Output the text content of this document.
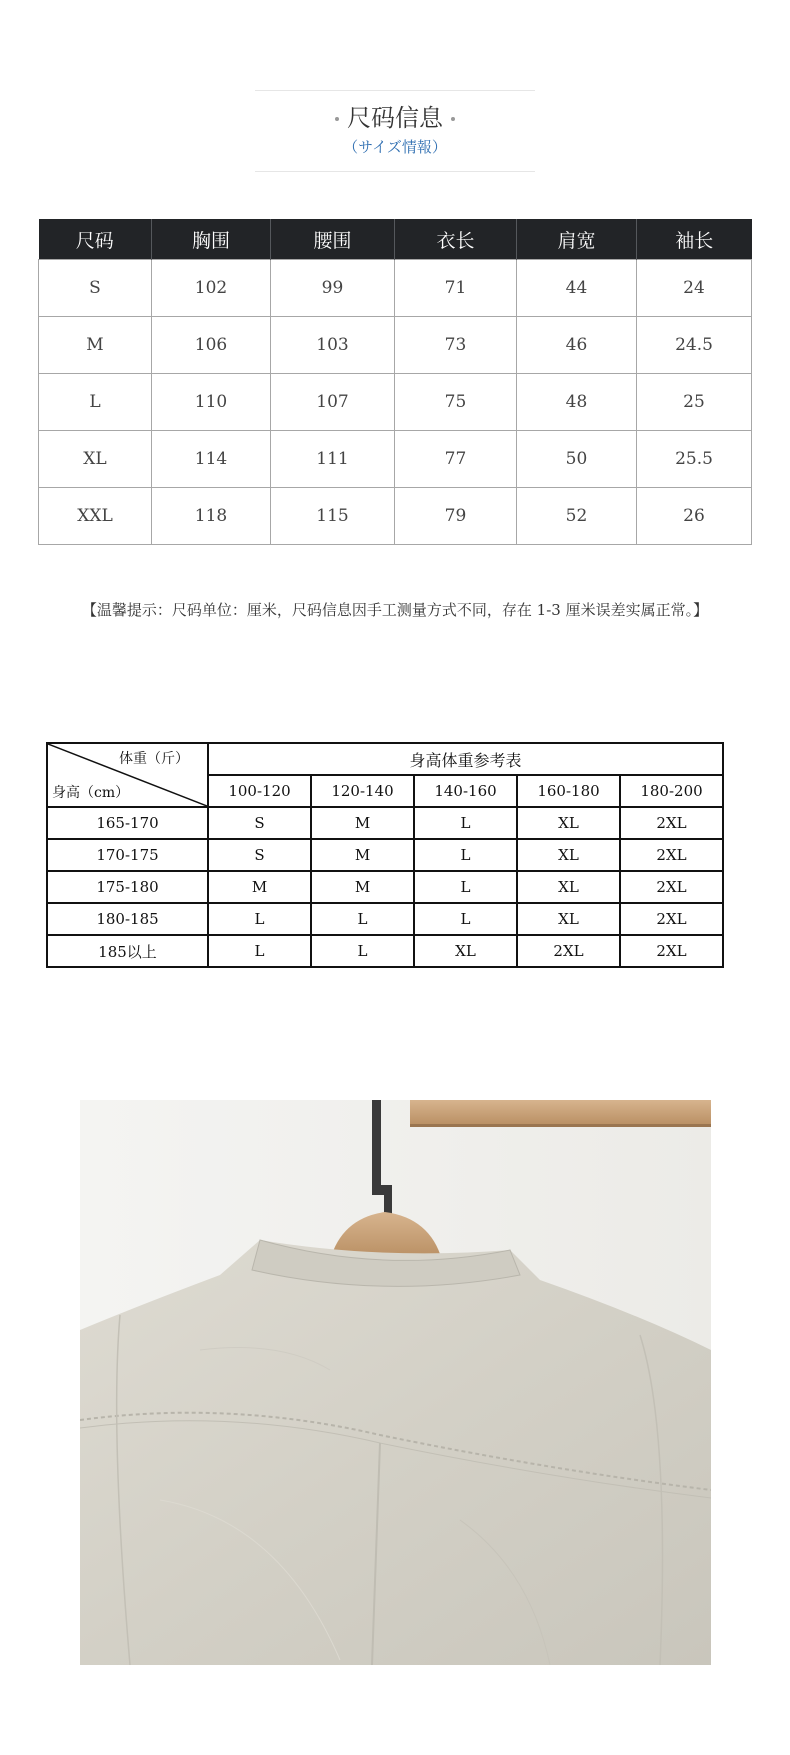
尺码信息
（サイズ情報）
尺码	胸围	腰围	衣长	肩宽	袖长
S	102	99	71	44	24
M	106	103	73	46	24.5
L	110	107	75	48	25
XL	114	111	77	50	25.5
XXL	118	115	79	52	26
【温馨提示：尺码单位：厘米，尺码信息因手工测量方式不同，存在 1-3 厘米误差实属正常。】
体重（斤）
身高（cm）	身高体重参考表				
	100-120	120-140	140-160	160-180	180-200
165-170	S	M	L	XL	2XL
170-175	S	M	L	XL	2XL
175-180	M	M	L	XL	2XL
180-185	L	L	L	XL	2XL
185以上	L	L	XL	2XL	2XL
